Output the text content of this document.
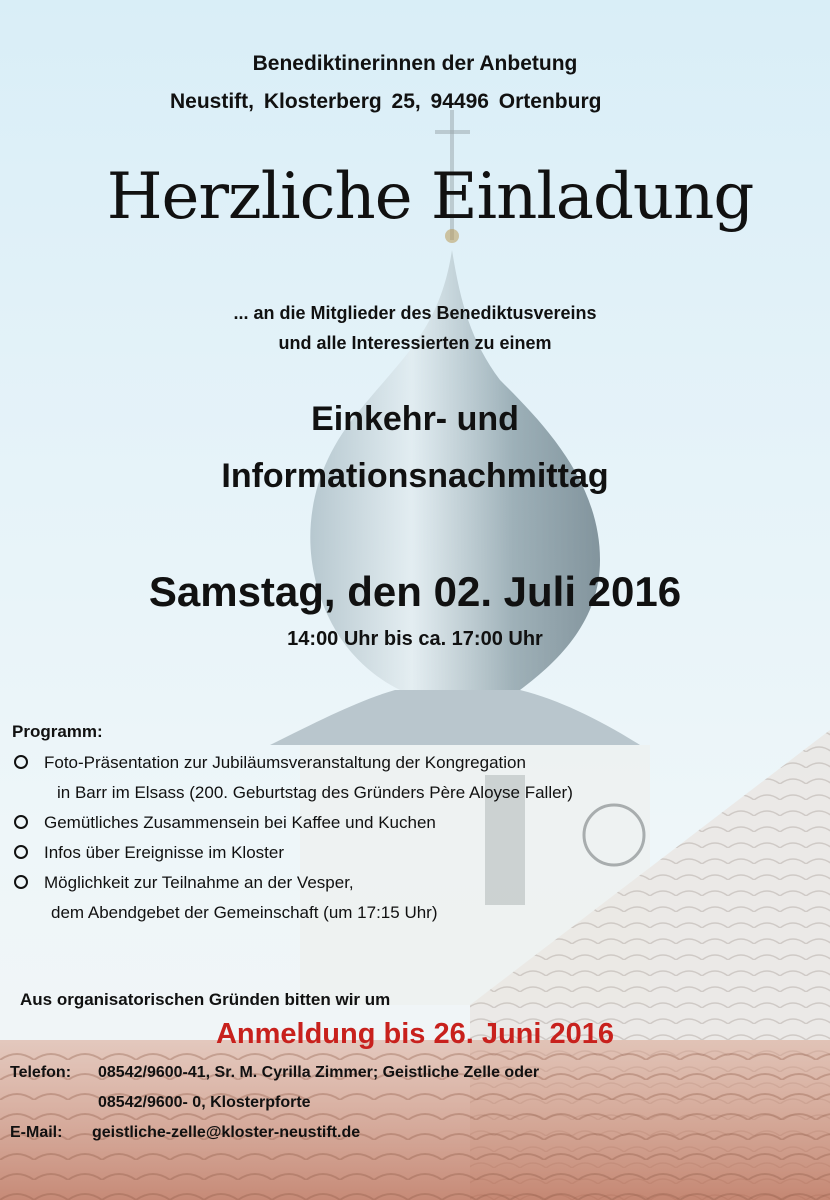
Benediktinerinnen der Anbetung
Neustift, Klosterberg 25, 94496 Ortenburg
Herzliche Einladung
... an die Mitglieder des Benediktusvereins
und alle Interessierten zu einem
Einkehr- und
Informationsnachmittag
Samstag, den 02. Juli 2016
14:00 Uhr bis ca. 17:00 Uhr
Programm:
Foto-Präsentation zur Jubiläumsveranstaltung der Kongregation
in Barr im Elsass (200. Geburtstag des Gründers Père Aloyse Faller)
Gemütliches Zusammensein bei Kaffee und Kuchen
Infos über Ereignisse im Kloster
Möglichkeit zur Teilnahme an der Vesper,
dem Abendgebet der Gemeinschaft (um 17:15 Uhr)
Aus organisatorischen Gründen bitten wir um
Anmeldung bis 26. Juni 2016
Telefon: 08542/9600-41, Sr. M. Cyrilla Zimmer; Geistliche Zelle oder
08542/9600- 0, Klosterpforte
E-Mail: geistliche-zelle@kloster-neustift.de
